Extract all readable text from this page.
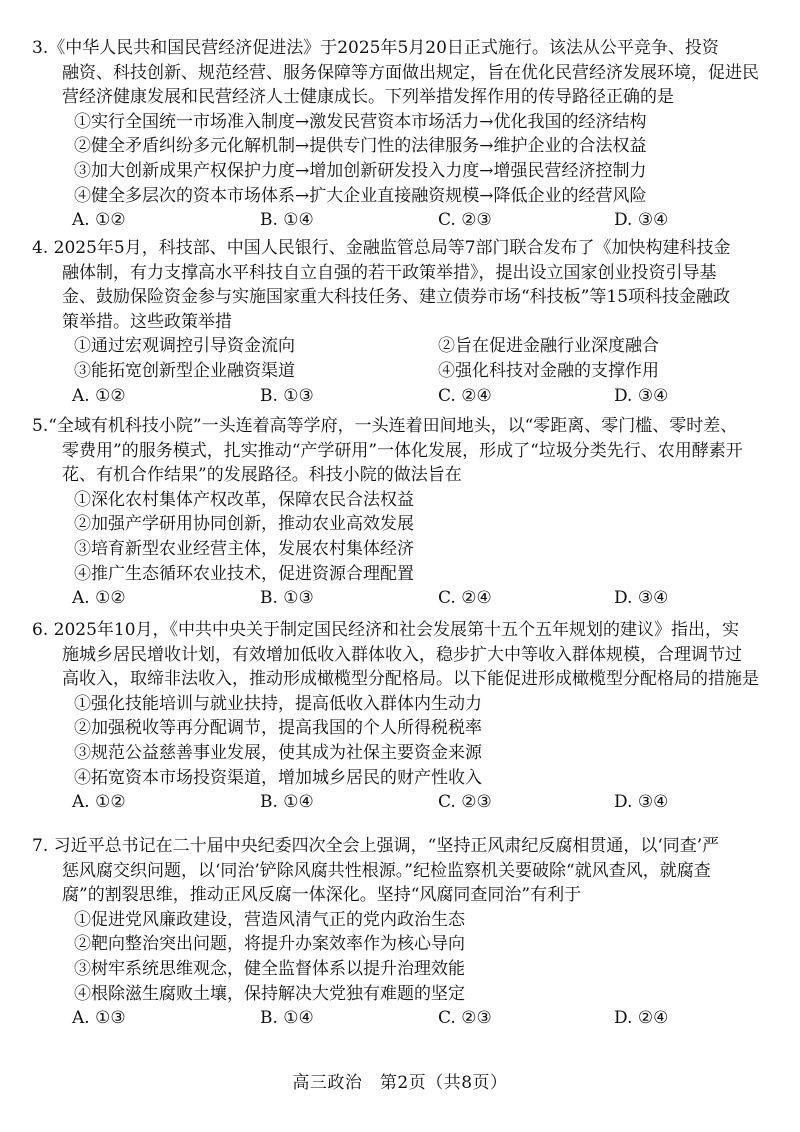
3.《中华人民共和国民营经济促进法》于2025年5月20日正式施行。该法从公平竞争、投资
融资、科技创新、规范经营、服务保障等方面做出规定，旨在优化民营经济发展环境，促进民
营经济健康发展和民营经济人士健康成长。下列举措发挥作用的传导路径正确的是
①实行全国统一市场准入制度→激发民营资本市场活力→优化我国的经济结构
②健全矛盾纠纷多元化解机制→提供专门性的法律服务→维护企业的合法权益
③加大创新成果产权保护力度→增加创新研发投入力度→增强民营经济控制力
④健全多层次的资本市场体系→扩大企业直接融资规模→降低企业的经营风险
A. ①②	B. ①④	C. ②③	D. ③④
4. 2025年5月，科技部、中国人民银行、金融监管总局等7部门联合发布了《加快构建科技金
融体制，有力支撑高水平科技自立自强的若干政策举措》，提出设立国家创业投资引导基
金、鼓励保险资金参与实施国家重大科技任务、建立债券市场“科技板”等15项科技金融政
策举措。这些政策举措
①通过宏观调控引导资金流向	②旨在促进金融行业深度融合
③能拓宽创新型企业融资渠道	④强化科技对金融的支撑作用
A. ①②	B. ①③	C. ②④	D. ③④
5.“全域有机科技小院”一头连着高等学府，一头连着田间地头，以“零距离、零门槛、零时差、
零费用”的服务模式，扎实推动“产学研用”一体化发展，形成了“垃圾分类先行、农用酵素开
花、有机合作结果”的发展路径。科技小院的做法旨在
①深化农村集体产权改革，保障农民合法权益
②加强产学研用协同创新，推动农业高效发展
③培育新型农业经营主体，发展农村集体经济
④推广生态循环农业技术，促进资源合理配置
A. ①②	B. ①③	C. ②④	D. ③④
6. 2025年10月，《中共中央关于制定国民经济和社会发展第十五个五年规划的建议》指出，实
施城乡居民增收计划，有效增加低收入群体收入，稳步扩大中等收入群体规模，合理调节过
高收入，取缔非法收入，推动形成橄榄型分配格局。以下能促进形成橄榄型分配格局的措施是
①强化技能培训与就业扶持，提高低收入群体内生动力
②加强税收等再分配调节，提高我国的个人所得税税率
③规范公益慈善事业发展，使其成为社保主要资金来源
④拓宽资本市场投资渠道，增加城乡居民的财产性收入
A. ①②	B. ①④	C. ②③	D. ③④
7. 习近平总书记在二十届中央纪委四次全会上强调，“坚持正风肃纪反腐相贯通，以‘同查’严
惩风腐交织问题，以‘同治’铲除风腐共性根源。”纪检监察机关要破除“就风查风，就腐查
腐”的割裂思维，推动正风反腐一体深化。坚持“风腐同查同治”有利于
①促进党风廉政建设，营造风清气正的党内政治生态
②靶向整治突出问题，将提升办案效率作为核心导向
③树牢系统思维观念，健全监督体系以提升治理效能
④根除滋生腐败土壤，保持解决大党独有难题的坚定
A. ①③	B. ①④	C. ②③	D. ②④
高三政治　第2页（共8页）
